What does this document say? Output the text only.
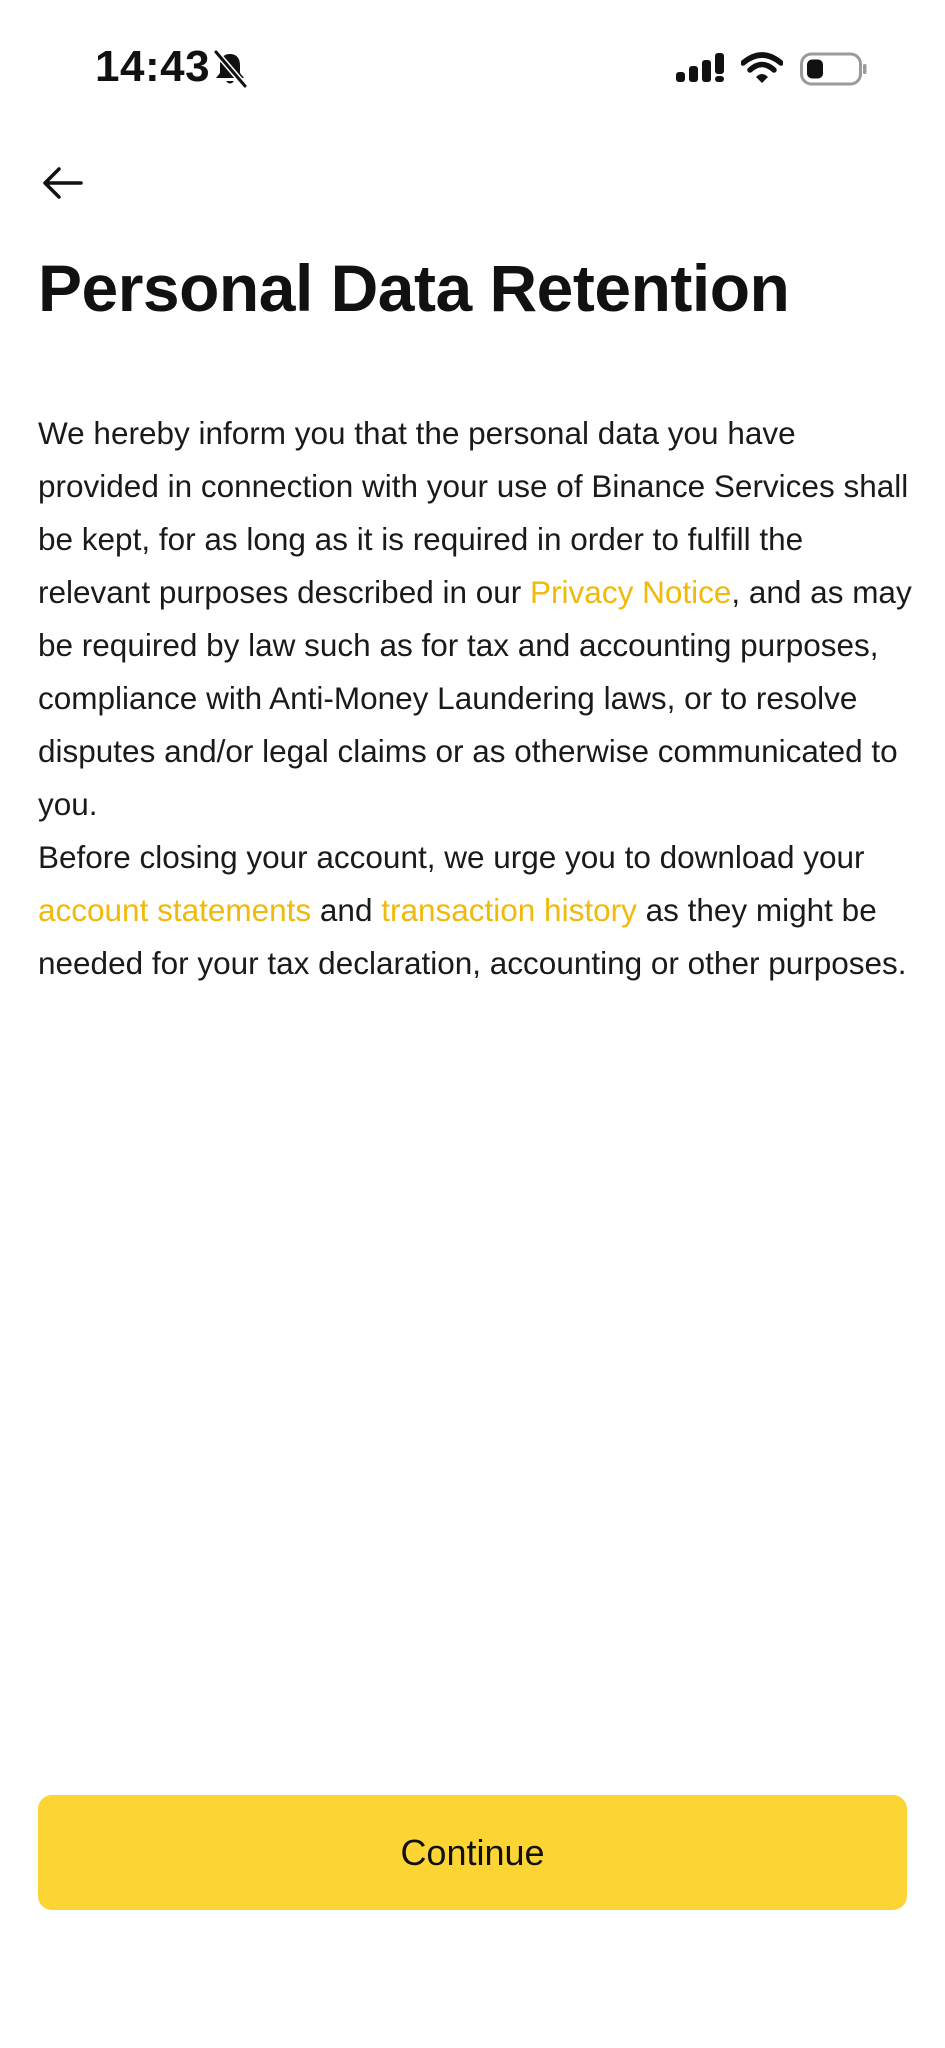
14:43
Personal Data Retention

We hereby inform you that the personal data you have provided in connection with your use of Binance Services shall be kept, for as long as it is required in order to fulfill the relevant purposes described in our Privacy Notice, and as may be required by law such as for tax and accounting purposes, compliance with Anti-Money Laundering laws, or to resolve disputes and/or legal claims or as otherwise communicated to you.

Before closing your account, we urge you to download your account statements and transaction history as they might be needed for your tax declaration, accounting or other purposes.

Continue
